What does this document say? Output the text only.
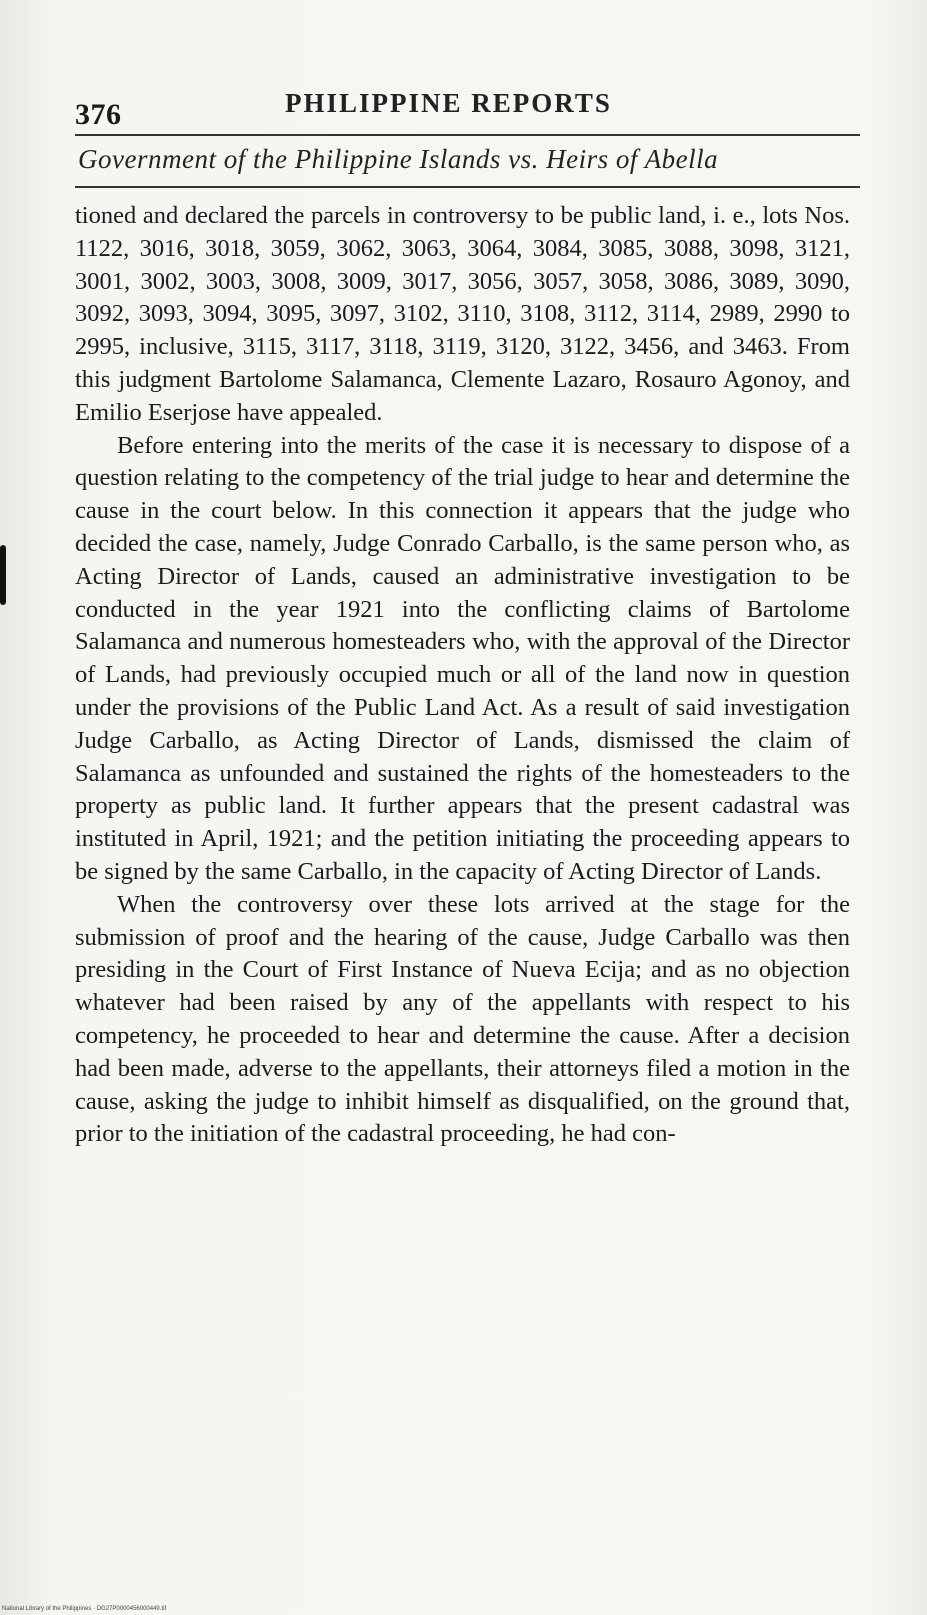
376	PHILIPPINE REPORTS
Government of the Philippine Islands vs. Heirs of Abella

tioned and declared the parcels in controversy to be public land, i. e., lots Nos. 1122, 3016, 3018, 3059, 3062, 3063, 3064, 3084, 3085, 3088, 3098, 3121, 3001, 3002, 3003, 3008, 3009, 3017, 3056, 3057, 3058, 3086, 3089, 3090, 3092, 3093, 3094, 3095, 3097, 3102, 3110, 3108, 3112, 3114, 2989, 2990 to 2995, inclusive, 3115, 3117, 3118, 3119, 3120, 3122, 3456, and 3463. From this judgment Bartolome Salamanca, Clemente Lazaro, Rosauro Agonoy, and Emilio Eserjose have appealed.

Before entering into the merits of the case it is necessary to dispose of a question relating to the competency of the trial judge to hear and determine the cause in the court below. In this connection it appears that the judge who decided the case, namely, Judge Conrado Carballo, is the same person who, as Acting Director of Lands, caused an administrative investigation to be conducted in the year 1921 into the conflicting claims of Bartolome Salamanca and numerous homesteaders who, with the approval of the Director of Lands, had previously occupied much or all of the land now in question under the provisions of the Public Land Act. As a result of said investigation Judge Carballo, as Acting Director of Lands, dismissed the claim of Salamanca as unfounded and sustained the rights of the homesteaders to the property as public land. It further appears that the present cadastral was instituted in April, 1921; and the petition initiating the proceeding appears to be signed by the same Carballo, in the capacity of Acting Director of Lands.

When the controversy over these lots arrived at the stage for the submission of proof and the hearing of the cause, Judge Carballo was then presiding in the Court of First Instance of Nueva Ecija; and as no objection whatever had been raised by any of the appellants with respect to his competency, he proceeded to hear and determine the cause. After a decision had been made, adverse to the appellants, their attorneys filed a motion in the cause, asking the judge to inhibit himself as disqualified, on the ground that, prior to the initiation of the cadastral proceeding, he had con-

National Library of the Philippines · DG27P0000456000449.tif
